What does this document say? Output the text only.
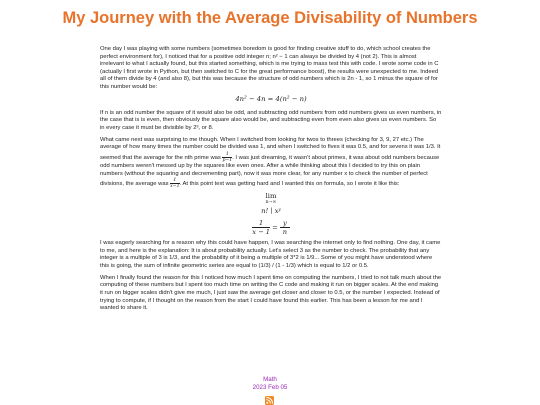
My Journey with the Average Divisability of Numbers

One day I was playing with some numbers (sometimes boredom is good for finding creative stuff to do, which school creates the perfect environment for), I noticed that for a positive odd integer n; n² − 1 can always be divided by 4 (not 2). This is almost irrelevant to what I actually found, but this started something, which is me trying to mass test this with code. I wrote some code in C (actually I first wrote in Python, but then switched to C for the great performance boost), the results were unexpected to me. Indeed all of them divide by 4 (and also 8), but this was because the structure of odd numbers which is 2n - 1, so 1 minus the square of for this number would be:

4n² − 4n = 4(n² − n)

If n is an odd number the square of it would also be odd, and subtracting odd numbers from odd numbers gives us even numbers, in the case that is is even, then obviously the square also would be, and subtracting even from even also gives us even numbers. So in every case it must be divisible by 2³, or 8.

What came next was surprising to me though. When I switched from looking for twos to threes (checking for 3, 9, 27 etc.) The average of how many times the number could be divided was 1, and when I switched to fives it was 0.5, and for sevens it was 1/3. It seemed that the average for the nth prime was $\frac{1}{p-1}$ . I was just dreaming, it wasn't about primes, it was about odd numbers because odd numbers weren't messed up by the squares like even ones. After a while thinking about this I decided to try this on plain numbers (without the squaring and decrementing part), now it was more clear, for any number x to check the number of perfect divisions, the average was $\frac{1}{x-1}$ . At this point text was getting hard and I wanted this on formula, so I wrote it like this:

lim
n→∞
n! ∣ xʸ
$\frac{1}{x - 1} = \frac{y}{n}$

I was eagerly searching for a reason why this could have happen, I was searching the internet only to find nothing. One day, it came to me, and here is the explanation: It is about probability actually. Let's select 3 as the number to check. The probability that any integer is a multiple of 3 is 1/3, and the probability of it being a multiple of 3*2 is 1/9... Some of you might have understood where this is going, the sum of infinite geometric series are equal to (1/3) / (1 - 1/3) which is equal to 1/2 or 0.5.

When I finally found the reason for this I noticed how much I spent time on computing the numbers, I tried to not talk much about the computing of these numbers but I spent too much time on writing the C code and making it run on bigger scales. At the end making it run on bigger scales didn't give me much, I just saw the average get closer and closer to 0.5, or the number I expected. Instead of trying to compute, if I thought on the reason from the start I could have found this earlier. This has been a lesson for me and I wanted to share it.

Math
2023 Feb 05
